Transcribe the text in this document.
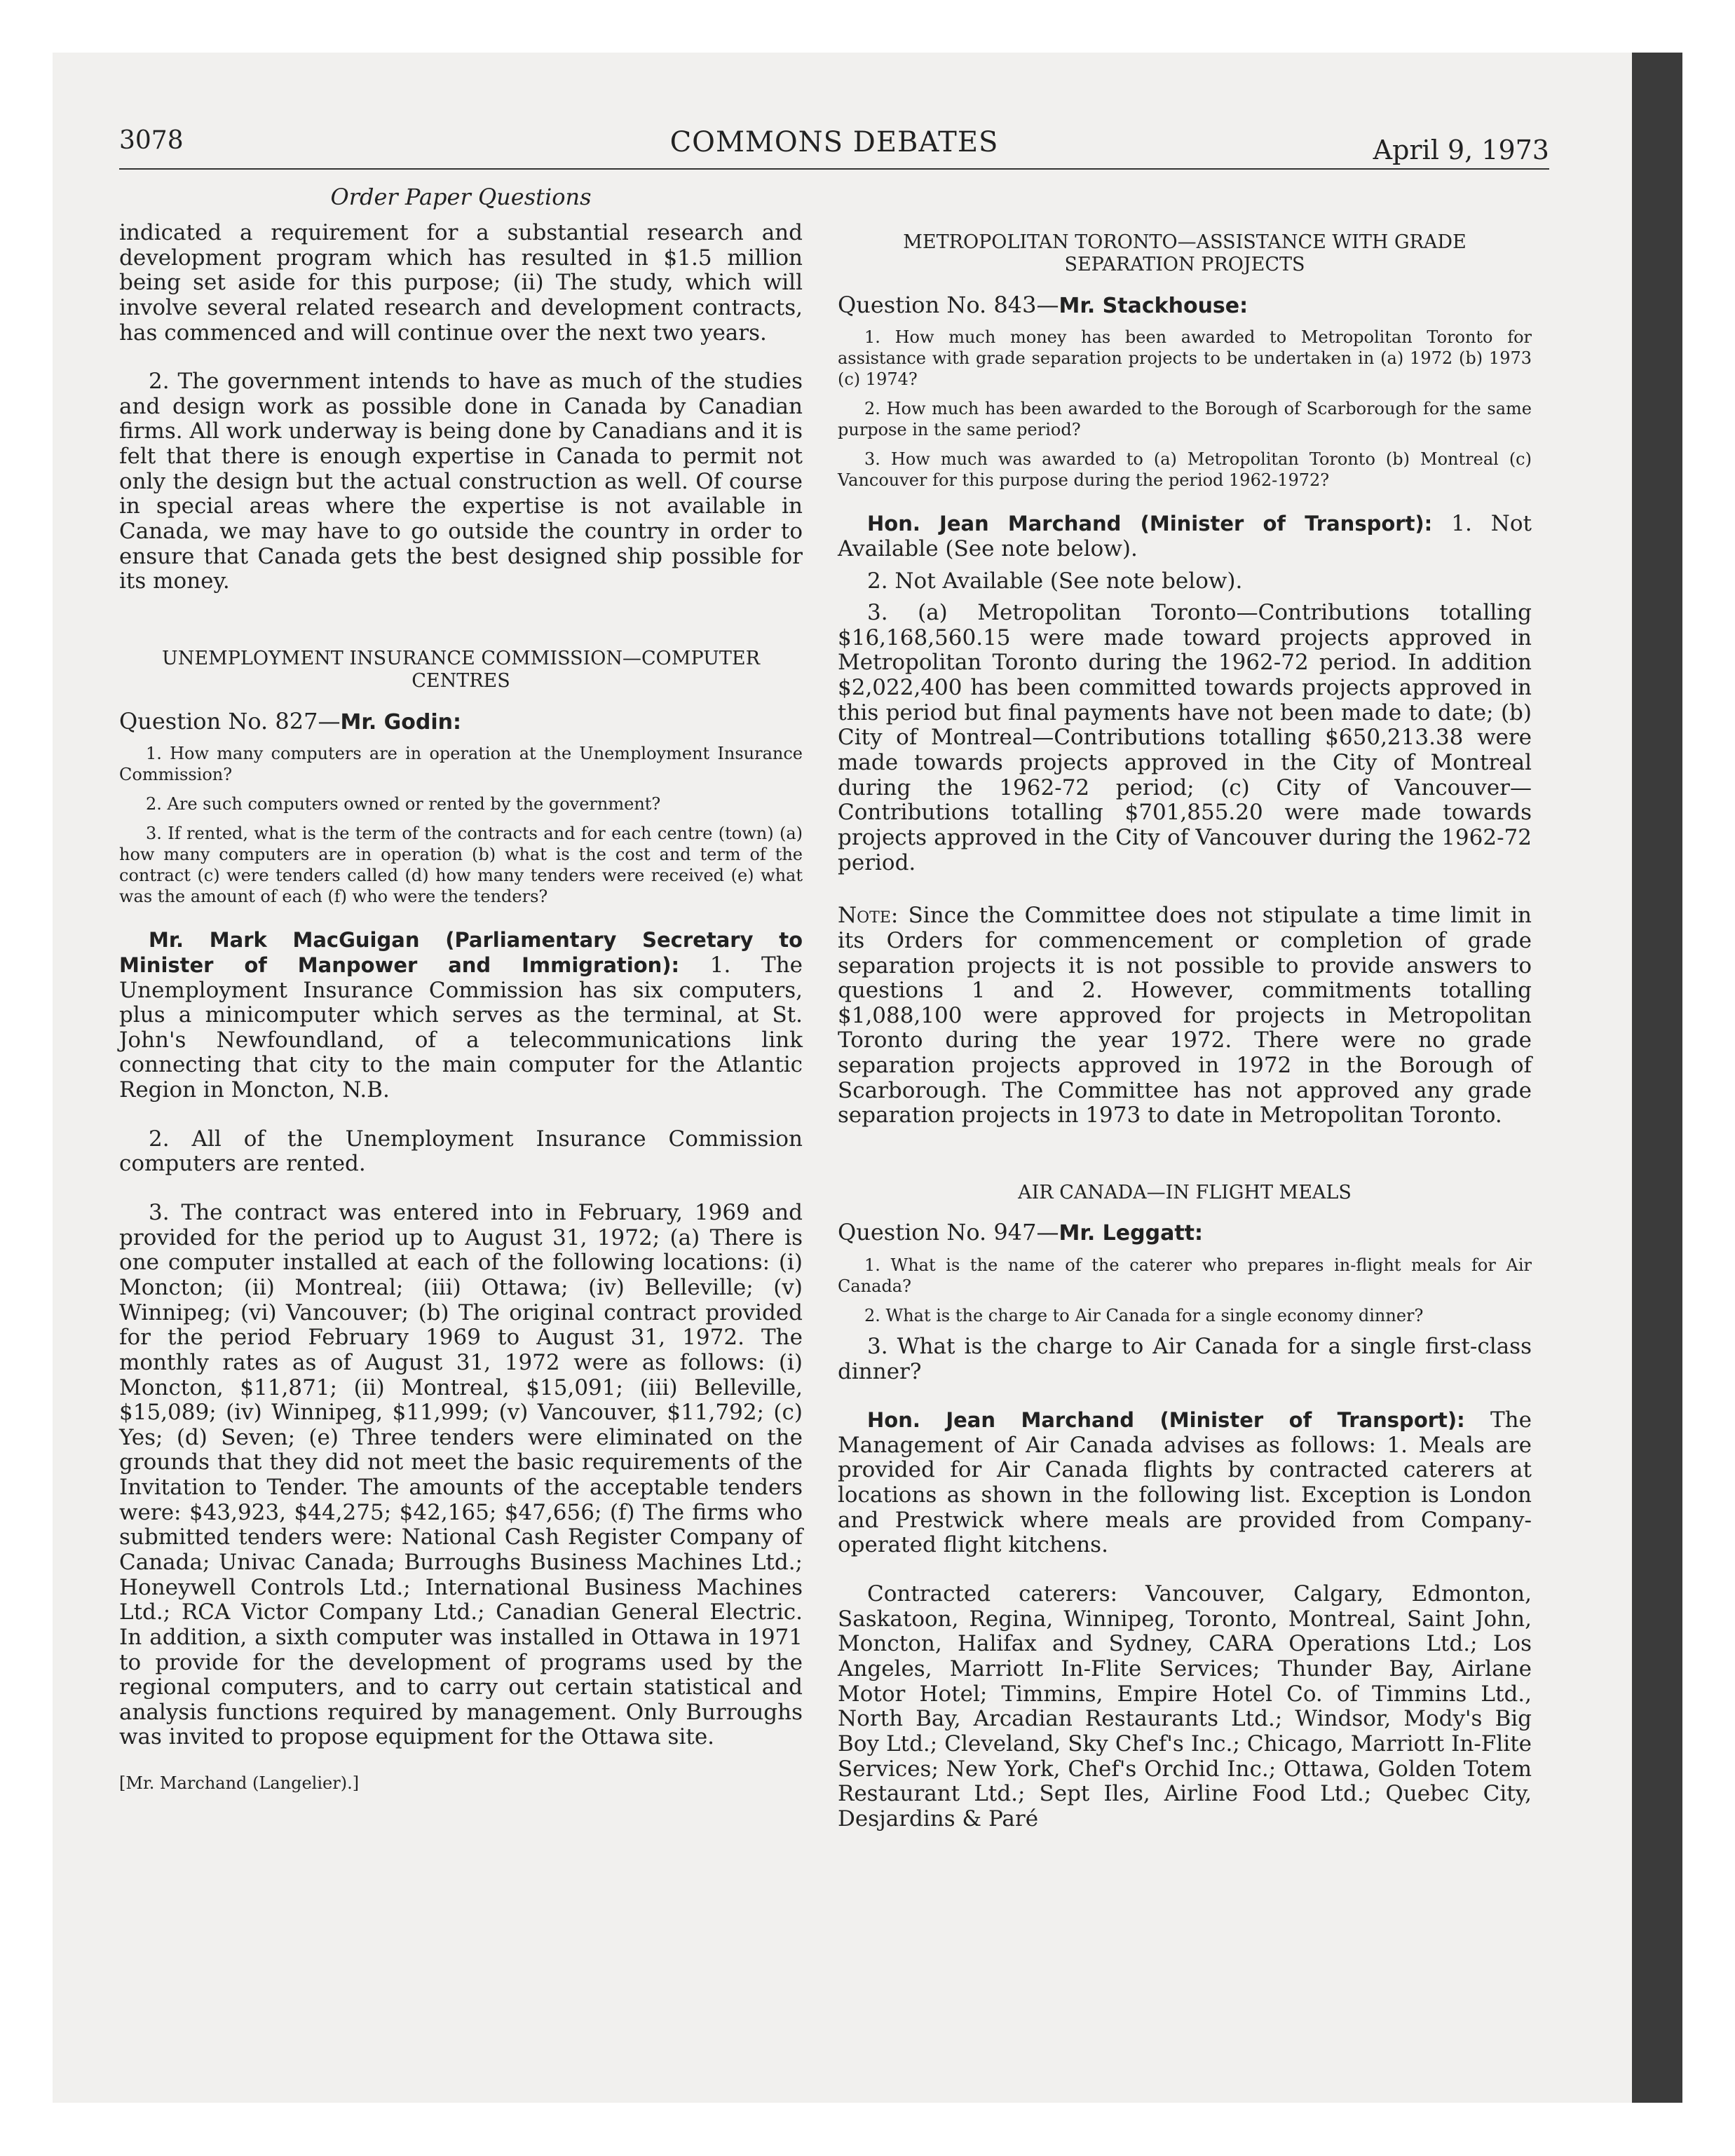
3078	COMMONS DEBATES	April 9, 1973
Order Paper Questions

indicated a requirement for a substantial research and development program which has resulted in $1.5 million being set aside for this purpose; (ii) The study, which will involve several related research and development contracts, has commenced and will continue over the next two years.

2. The government intends to have as much of the studies and design work as possible done in Canada by Canadian firms. All work underway is being done by Canadians and it is felt that there is enough expertise in Canada to permit not only the design but the actual construction as well. Of course in special areas where the expertise is not available in Canada, we may have to go outside the country in order to ensure that Canada gets the best designed ship possible for its money.

UNEMPLOYMENT INSURANCE COMMISSION—COMPUTER CENTRES
Question No. 827—Mr. Godin:

1. How many computers are in operation at the Unemployment Insurance Commission?

2. Are such computers owned or rented by the government?

3. If rented, what is the term of the contracts and for each centre (town) (a) how many computers are in operation (b) what is the cost and term of the contract (c) were tenders called (d) how many tenders were received (e) what was the amount of each (f) who were the tenders?

Mr. Mark MacGuigan (Parliamentary Secretary to Minister of Manpower and Immigration): 1. The Unemployment Insurance Commission has six computers, plus a minicomputer which serves as the terminal, at St. John's Newfoundland, of a telecommunications link connecting that city to the main computer for the Atlantic Region in Moncton, N.B.

2. All of the Unemployment Insurance Commission computers are rented.

3. The contract was entered into in February, 1969 and provided for the period up to August 31, 1972; (a) There is one computer installed at each of the following locations: (i) Moncton; (ii) Montreal; (iii) Ottawa; (iv) Belleville; (v) Winnipeg; (vi) Vancouver; (b) The original contract provided for the period February 1969 to August 31, 1972. The monthly rates as of August 31, 1972 were as follows: (i) Moncton, $11,871; (ii) Montreal, $15,091; (iii) Belleville, $15,089; (iv) Winnipeg, $11,999; (v) Vancouver, $11,792; (c) Yes; (d) Seven; (e) Three tenders were eliminated on the grounds that they did not meet the basic requirements of the Invitation to Tender. The amounts of the acceptable tenders were: $43,923, $44,275; $42,165; $47,656; (f) The firms who submitted tenders were: National Cash Register Company of Canada; Univac Canada; Burroughs Business Machines Ltd.; Honeywell Controls Ltd.; International Business Machines Ltd.; RCA Victor Company Ltd.; Canadian General Electric. In addition, a sixth computer was installed in Ottawa in 1971 to provide for the development of programs used by the regional computers, and to carry out certain statistical and analysis functions required by management. Only Burroughs was invited to propose equipment for the Ottawa site.

[Mr. Marchand (Langelier).]
METROPOLITAN TORONTO—ASSISTANCE WITH GRADE SEPARATION PROJECTS
Question No. 843—Mr. Stackhouse:

1. How much money has been awarded to Metropolitan Toronto for assistance with grade separation projects to be undertaken in (a) 1972 (b) 1973 (c) 1974?

2. How much has been awarded to the Borough of Scarborough for the same purpose in the same period?

3. How much was awarded to (a) Metropolitan Toronto (b) Montreal (c) Vancouver for this purpose during the period 1962-1972?

Hon. Jean Marchand (Minister of Transport): 1. Not Available (See note below).

2. Not Available (See note below).

3. (a) Metropolitan Toronto—Contributions totalling $16,168,560.15 were made toward projects approved in Metropolitan Toronto during the 1962-72 period. In addition $2,022,400 has been committed towards projects approved in this period but final payments have not been made to date; (b) City of Montreal—Contributions totalling $650,213.38 were made towards projects approved in the City of Montreal during the 1962-72 period; (c) City of Vancouver—Contributions totalling $701,855.20 were made towards projects approved in the City of Vancouver during the 1962-72 period.

Note: Since the Committee does not stipulate a time limit in its Orders for commencement or completion of grade separation projects it is not possible to provide answers to questions 1 and 2. However, commitments totalling $1,088,100 were approved for projects in Metropolitan Toronto during the year 1972. There were no grade separation projects approved in 1972 in the Borough of Scarborough. The Committee has not approved any grade separation projects in 1973 to date in Metropolitan Toronto.

AIR CANADA—IN FLIGHT MEALS
Question No. 947—Mr. Leggatt:

1. What is the name of the caterer who prepares in-flight meals for Air Canada?

2. What is the charge to Air Canada for a single economy dinner?

3. What is the charge to Air Canada for a single first-class dinner?

Hon. Jean Marchand (Minister of Transport): The Management of Air Canada advises as follows: 1. Meals are provided for Air Canada flights by contracted caterers at locations as shown in the following list. Exception is London and Prestwick where meals are provided from Company-operated flight kitchens.

Contracted caterers: Vancouver, Calgary, Edmonton, Saskatoon, Regina, Winnipeg, Toronto, Montreal, Saint John, Moncton, Halifax and Sydney, CARA Operations Ltd.; Los Angeles, Marriott In-Flite Services; Thunder Bay, Airlane Motor Hotel; Timmins, Empire Hotel Co. of Timmins Ltd., North Bay, Arcadian Restaurants Ltd.; Windsor, Mody's Big Boy Ltd.; Cleveland, Sky Chef's Inc.; Chicago, Marriott In-Flite Services; New York, Chef's Orchid Inc.; Ottawa, Golden Totem Restaurant Ltd.; Sept Iles, Airline Food Ltd.; Quebec City, Desjardins & Paré
